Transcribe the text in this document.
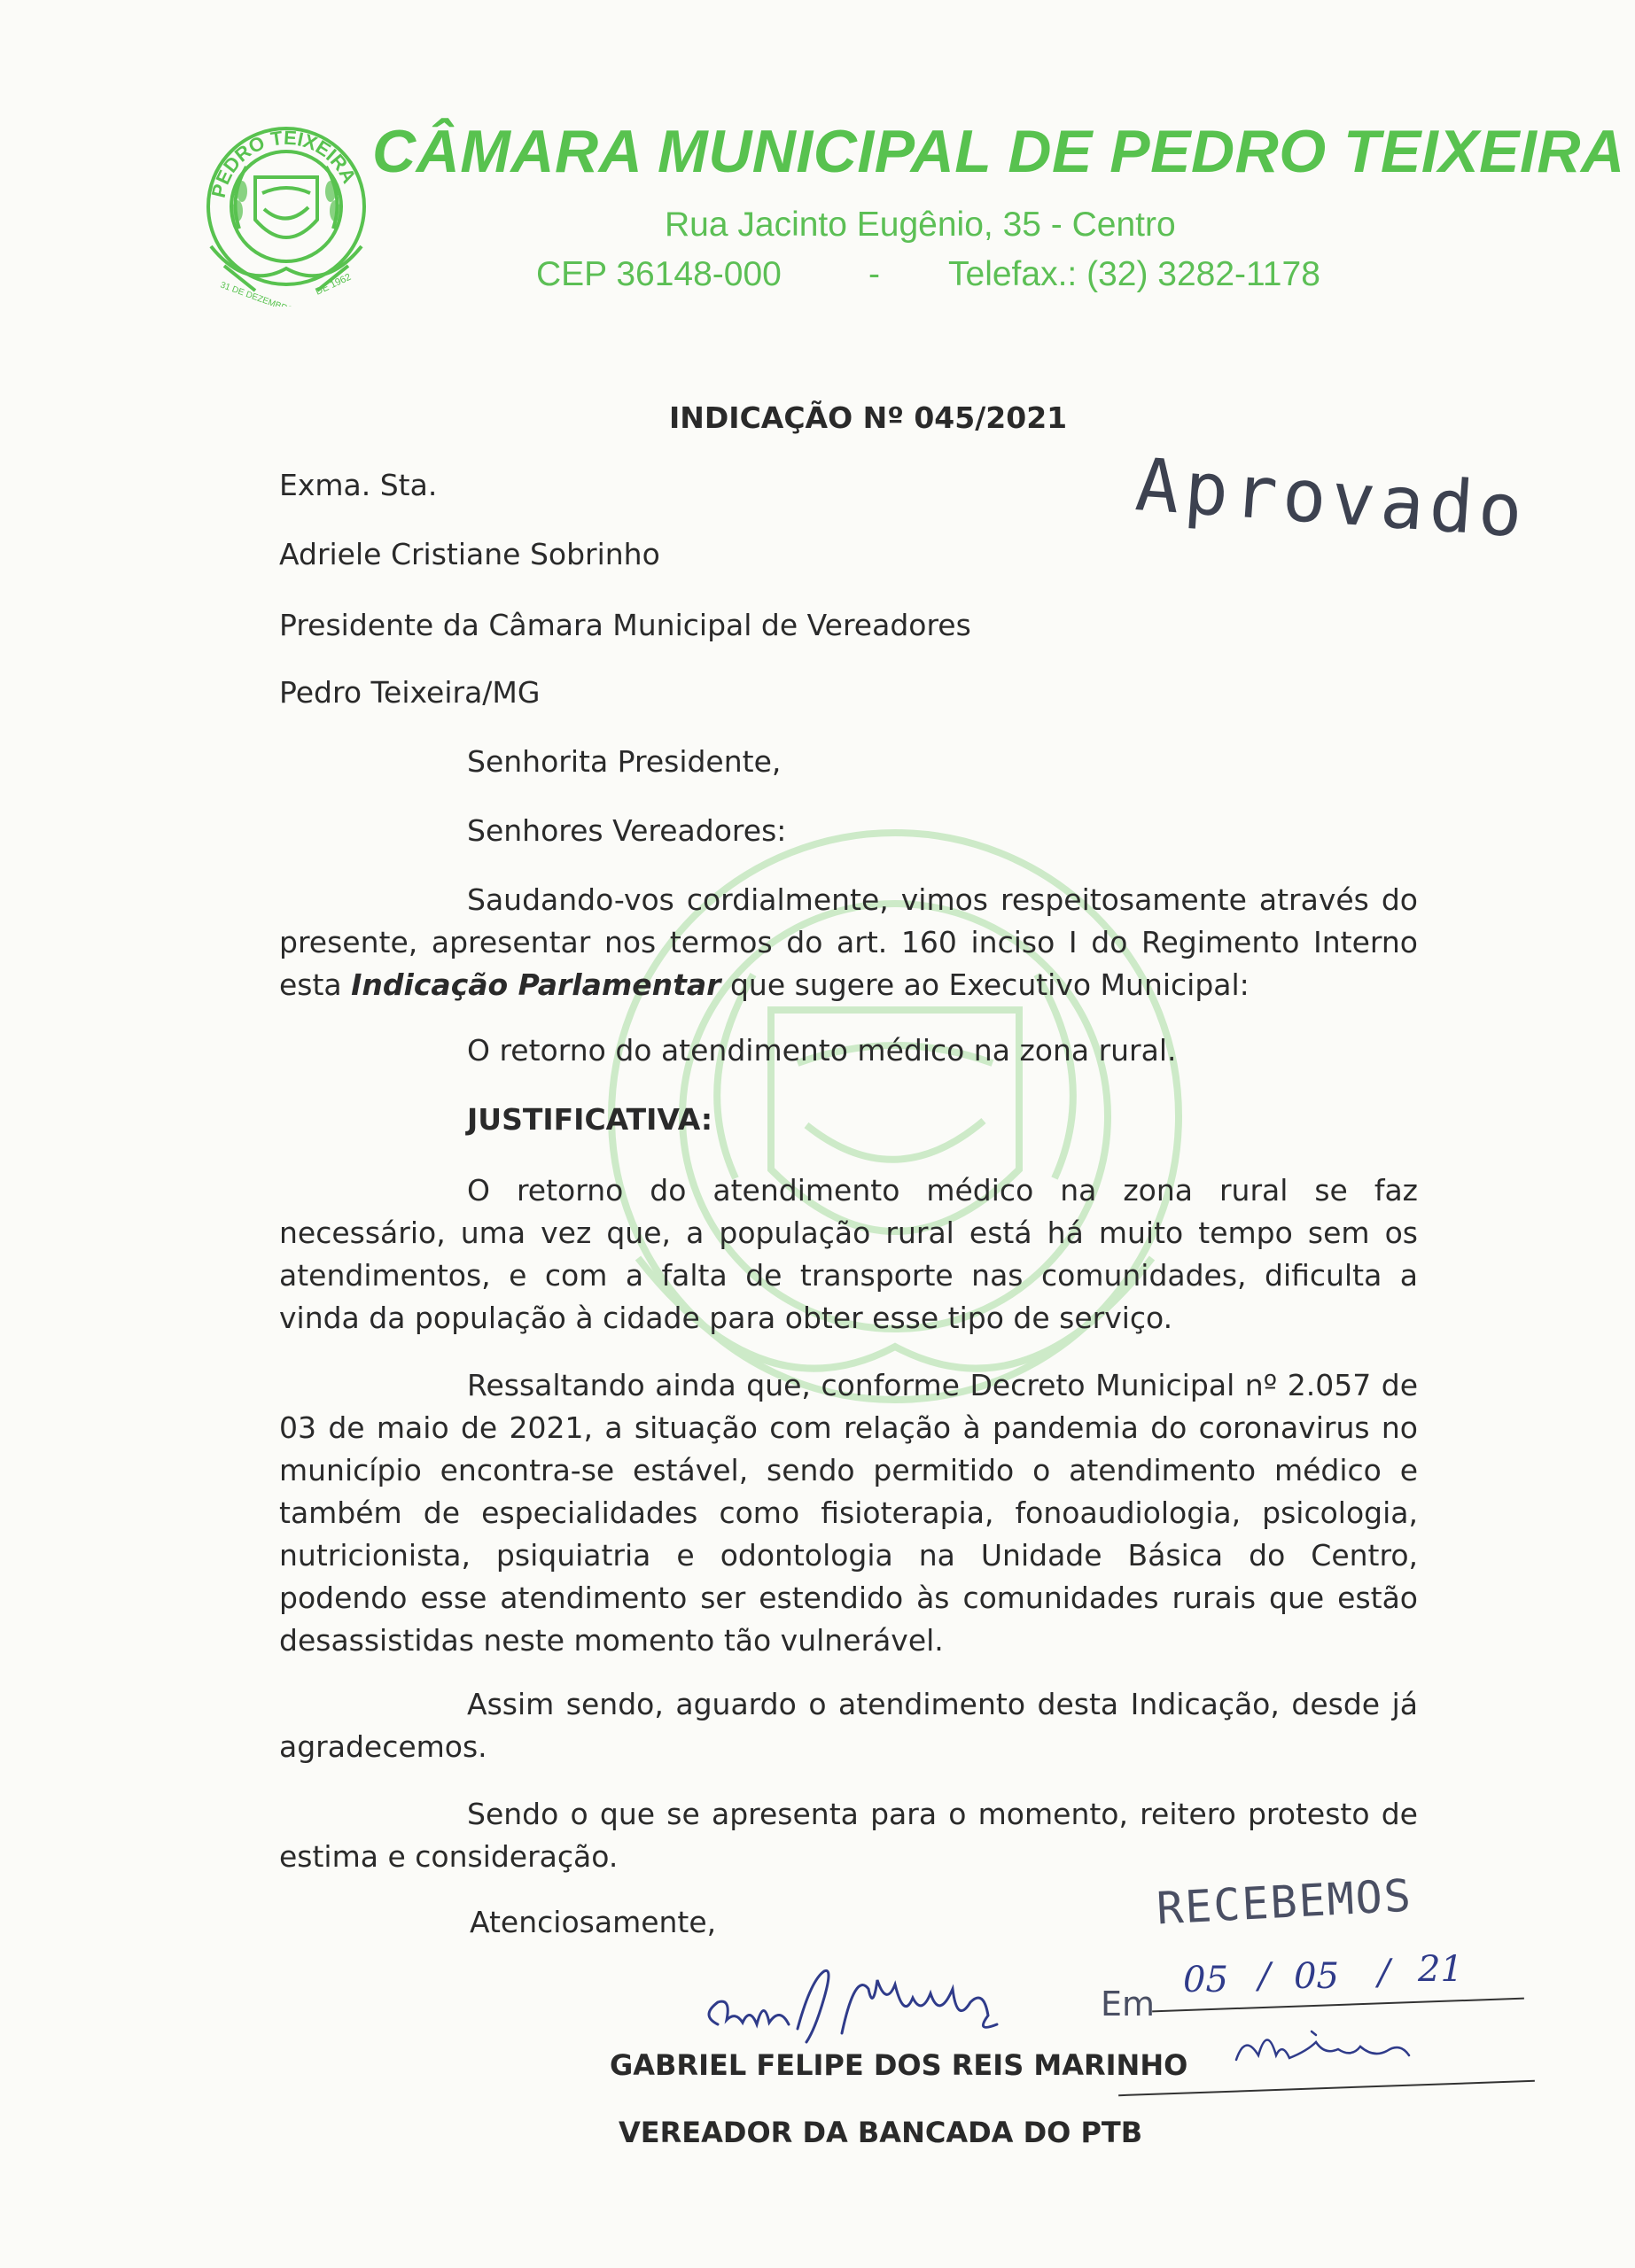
PEDRO TEIXEIRA
31 DE DEZEMBRO DE 1962
CÂMARA MUNICIPAL DE PEDRO TEIXEIRA
Rua Jacinto Eugênio, 35 - Centro
CEP 36148-000	- Telefax.: (32) 3282-1178
INDICAÇÃO Nº 045/2021
Aprovado
Exma. Sta.
Adriele Cristiane Sobrinho
Presidente da Câmara Municipal de Vereadores
Pedro Teixeira/MG
Senhorita Presidente,
Senhores Vereadores:
Saudando-vos cordialmente, vimos respeitosamente através do presente, apresentar nos termos do art. 160 inciso I do Regimento Interno esta Indicação Parlamentar que sugere ao Executivo Municipal:
O retorno do atendimento médico na zona rural.
JUSTIFICATIVA:
O retorno do atendimento médico na zona rural se faz necessário, uma vez que, a população rural está há muito tempo sem os atendimentos, e com a falta de transporte nas comunidades, dificulta a vinda da população à cidade para obter esse tipo de serviço.
Ressaltando ainda que, conforme Decreto Municipal nº 2.057 de 03 de maio de 2021, a situação com relação à pandemia do coronavirus no município encontra-se estável, sendo permitido o atendimento médico e também de especialidades como fisioterapia, fonoaudiologia, psicologia, nutricionista, psiquiatria e odontologia na Unidade Básica do Centro, podendo esse atendimento ser estendido às comunidades rurais que estão desassistidas neste momento tão vulnerável.
Assim sendo, aguardo o atendimento desta Indicação, desde já agradecemos.
Sendo o que se apresenta para o momento, reitero protesto de estima e consideração.
Atenciosamente,
GABRIEL FELIPE DOS REIS MARINHO
VEREADOR DA BANCADA DO PTB
RECEBEMOS
Em
05 / 05 / 21
